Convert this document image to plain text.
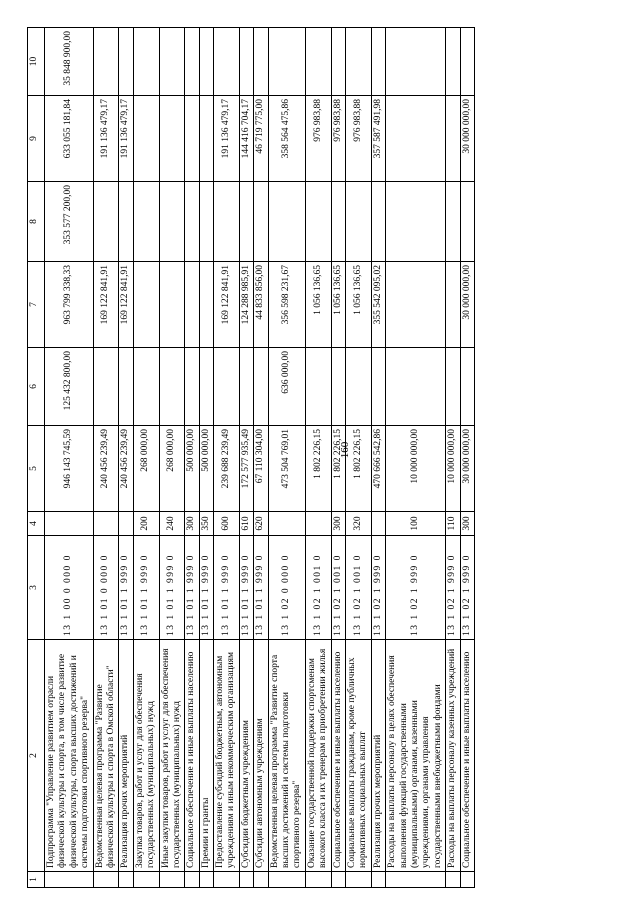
160
1	2	3	4	5	6	7	8	9	10
	Подпрограмма "Управление развитием отрасли физической культуры и спорта, в том числе развитие физической культуры, спорта высших достижений и системы подготовки спортивного резерва"	13 1 00 0 000 0		946 143 745,59	125 432 800,00	963 799 338,33	353 577 200,00	633 055 181,84	35 848 900,00
	Ведомственная целевая программа "Развитие физической культуры и спорта в Омской области"	13 1 01 0 000 0		240 456 239,49		169 122 841,91		191 136 479,17	
	Реализация прочих мероприятий	13 1 01 1 999 0		240 456 239,49		169 122 841,91		191 136 479,17	
	Закупка товаров, работ и услуг для обеспечения государственных (муниципальных) нужд	13 1 01 1 999 0	200	268 000,00					
	Иные закупки товаров, работ и услуг для обеспечения государственных (муниципальных) нужд	13 1 01 1 999 0	240	268 000,00					
	Социальное обеспечение и иные выплаты населению	13 1 01 1 999 0	300	500 000,00					
	Премии и гранты	13 1 01 1 999 0	350	500 000,00					
	Предоставление субсидий бюджетным, автономным учреждениям и иным некоммерческим организациям	13 1 01 1 999 0	600	239 688 239,49		169 122 841,91		191 136 479,17	
	Субсидии бюджетным учреждениям	13 1 01 1 999 0	610	172 577 935,49		124 288 985,91		144 416 704,17	
	Субсидии автономным учреждениям	13 1 01 1 999 0	620	67 110 304,00		44 833 856,00		46 719 775,00	
	Ведомственная целевая программа "Развитие спорта высших достижений и системы подготовки спортивного резерва"	13 1 02 0 000 0		473 504 769,01	636 000,00	356 598 231,67		358 564 475,86	
	Оказание государственной поддержки спортсменам высокого класса и их тренерам в приобретении жилья	13 1 02 1 001 0		1 802 226,15		1 056 136,65		976 983,88	
	Социальное обеспечение и иные выплаты населению	13 1 02 1 001 0	300	1 802 226,15		1 056 136,65		976 983,88	
	Социальные выплаты гражданам, кроме публичных нормативных социальных выплат	13 1 02 1 001 0	320	1 802 226,15		1 056 136,65		976 983,88	
	Реализация прочих мероприятий	13 1 02 1 999 0		470 666 542,86		355 542 095,02		357 587 491,98	
	Расходы на выплаты персоналу в целях обеспечения выполнения функций государственными (муниципальными) органами, казенными учреждениями, органами управления государственными внебюджетными фондами	13 1 02 1 999 0	100	10 000 000,00					
	Расходы на выплаты персоналу казенных учреждений	13 1 02 1 999 0	110	10 000 000,00					
	Социальное обеспечение и иные выплаты населению	13 1 02 1 999 0	300	30 000 000,00		30 000 000,00		30 000 000,00	
